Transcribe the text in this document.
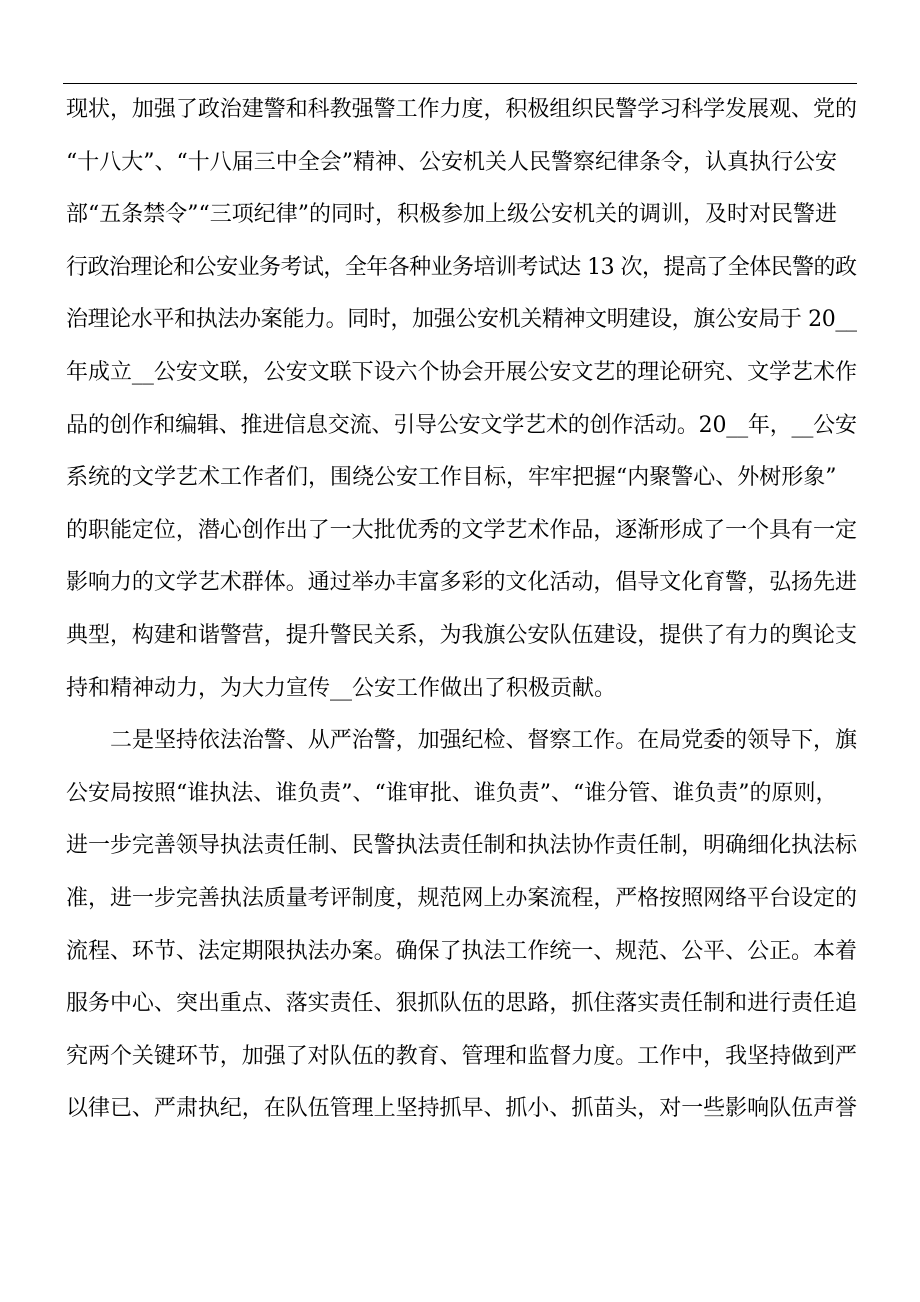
现状，加强了政治建警和科教强警工作力度，积极组织民警学习科学发展观、党的
“十八大”、“十八届三中全会”精神、公安机关人民警察纪律条令，认真执行公安
部“五条禁令”“三项纪律”的同时，积极参加上级公安机关的调训，及时对民警进
行政治理论和公安业务考试，全年各种业务培训考试达 13 次，提高了全体民警的政
治理论水平和执法办案能力。同时，加强公安机关精神文明建设，旗公安局于 20__
年成立__公安文联，公安文联下设六个协会开展公安文艺的理论研究、文学艺术作
品的创作和编辑、推进信息交流、引导公安文学艺术的创作活动。20__年，__公安
系统的文学艺术工作者们，围绕公安工作目标，牢牢把握“内聚警心、外树形象”
的职能定位，潜心创作出了一大批优秀的文学艺术作品，逐渐形成了一个具有一定
影响力的文学艺术群体。通过举办丰富多彩的文化活动，倡导文化育警，弘扬先进
典型，构建和谐警营，提升警民关系，为我旗公安队伍建设，提供了有力的舆论支
持和精神动力，为大力宣传__公安工作做出了积极贡献。
二是坚持依法治警、从严治警，加强纪检、督察工作。在局党委的领导下，旗
公安局按照“谁执法、谁负责”、“谁审批、谁负责”、“谁分管、谁负责”的原则，
进一步完善领导执法责任制、民警执法责任制和执法协作责任制，明确细化执法标
准，进一步完善执法质量考评制度，规范网上办案流程，严格按照网络平台设定的
流程、环节、法定期限执法办案。确保了执法工作统一、规范、公平、公正。本着
服务中心、突出重点、落实责任、狠抓队伍的思路，抓住落实责任制和进行责任追
究两个关键环节，加强了对队伍的教育、管理和监督力度。工作中，我坚持做到严
以律已、严肃执纪，在队伍管理上坚持抓早、抓小、抓苗头，对一些影响队伍声誉
